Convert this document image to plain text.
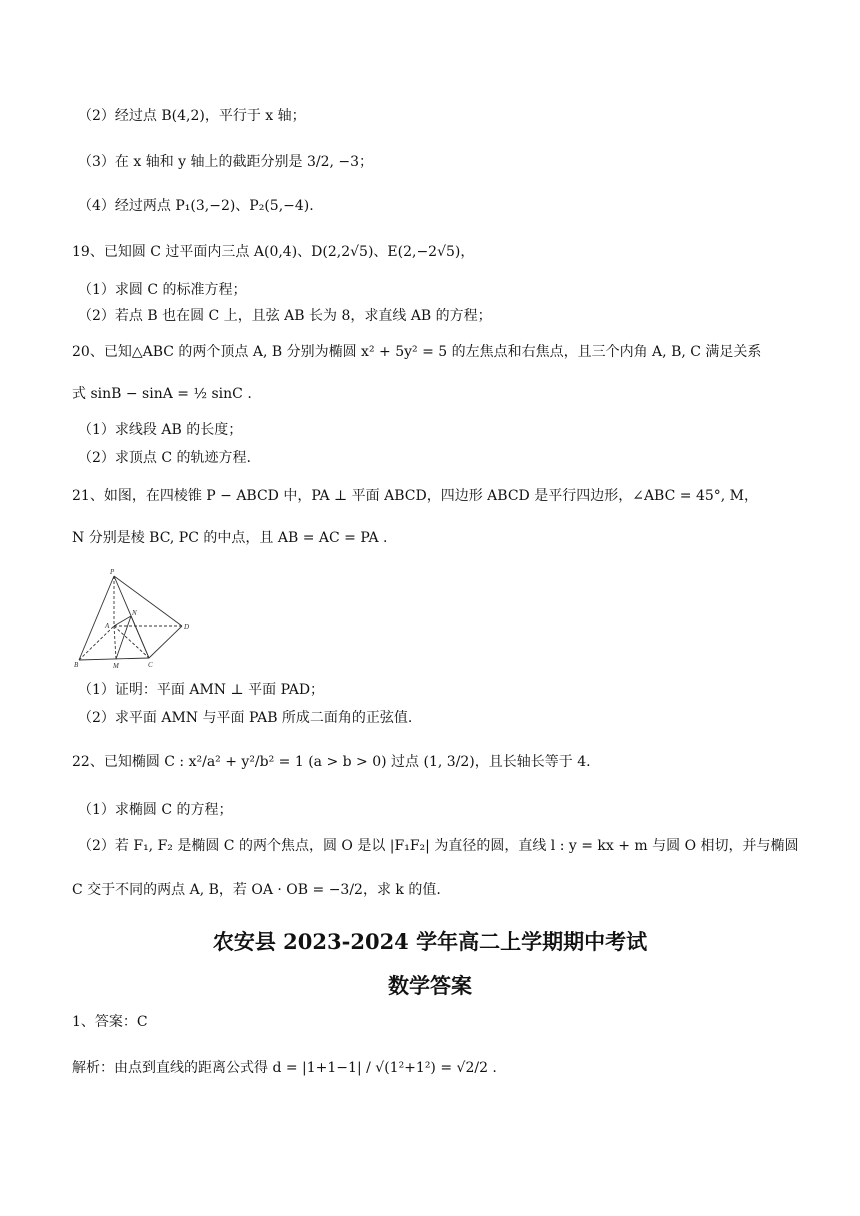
（2）经过点 B(4,2)，平行于 x 轴；
（3）在 x 轴和 y 轴上的截距分别是 3/2, −3；
（4）经过两点 P₁(3,−2)、P₂(5,−4).
19、已知圆 C 过平面内三点 A(0,4)、D(2,2√5)、E(2,−2√5)，
（1）求圆 C 的标准方程；
（2）若点 B 也在圆 C 上，且弦 AB 长为 8，求直线 AB 的方程；
20、已知△ABC 的两个顶点 A, B 分别为椭圆 x² + 5y² = 5 的左焦点和右焦点，且三个内角 A, B, C 满足关系
式 sinB − sinA = ½ sinC .
（1）求线段 AB 的长度；
（2）求顶点 C 的轨迹方程.
21、如图，在四棱锥 P − ABCD 中，PA ⊥ 平面 ABCD，四边形 ABCD 是平行四边形，∠ABC = 45°, M，
N 分别是棱 BC, PC 的中点，且 AB = AC = PA .
P
A
B	C
D
M
N
（1）证明：平面 AMN ⊥ 平面 PAD；
（2）求平面 AMN 与平面 PAB 所成二面角的正弦值.
22、已知椭圆 C : x²/a² + y²/b² = 1 (a > b > 0) 过点 (1, 3/2)，且长轴长等于 4.
（1）求椭圆 C 的方程；
（2）若 F₁, F₂ 是椭圆 C 的两个焦点，圆 O 是以 |F₁F₂| 为直径的圆，直线 l : y = kx + m 与圆 O 相切，并与椭圆
C 交于不同的两点 A, B，若 OA · OB = −3/2，求 k 的值.
农安县 2023-2024 学年高二上学期期中考试
数学答案
1、答案：C
解析：由点到直线的距离公式得 d = |1+1−1| / √(1²+1²) = √2/2 .
